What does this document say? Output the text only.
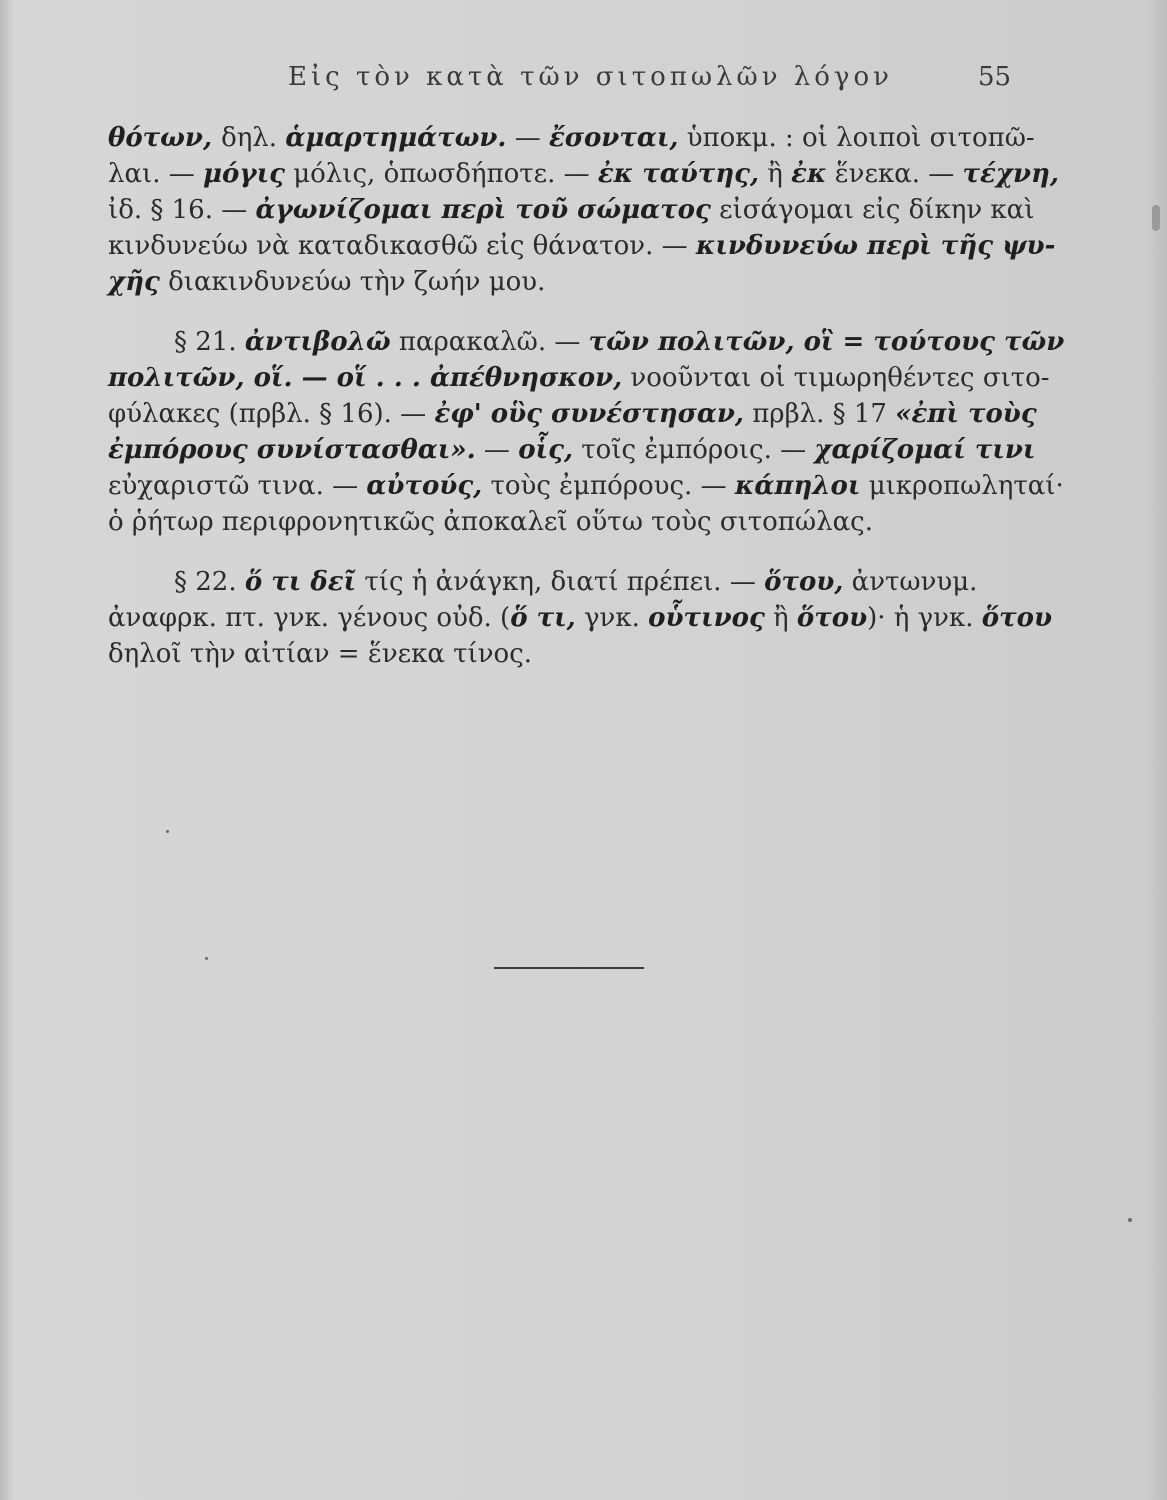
Εἰς τὸν κατὰ τῶν σιτοπωλῶν λόγον	55
θότων, δηλ. ἁμαρτημάτων. — ἔσονται, ὑποκμ. : οἱ λοιποὶ σιτοπῶ-
λαι. — μόγις μόλις, ὁπωσδήποτε. — ἐκ ταύτης, ἢ ἐκ ἕνεκα. — τέχνη,
ἰδ. § 16. — ἀγωνίζομαι περὶ τοῦ σώματος εἰσάγομαι εἰς δίκην καὶ
κινδυνεύω νὰ καταδικασθῶ εἰς θάνατον. — κινδυνεύω περὶ τῆς ψυ-
χῆς διακινδυνεύω τὴν ζωήν μου.
§ 21. ἀντιβολῶ παρακαλῶ. — τῶν πολιτῶν, οἳ = τούτους τῶν
πολιτῶν, οἵ. — οἵ . . . ἀπέθνησκον, νοοῦνται οἱ τιμωρηθέντες σιτο-
φύλακες (πρβλ. § 16). — ἐφ' οὓς συνέστησαν, πρβλ. § 17 «ἐπὶ τοὺς
ἐμπόρους συνίστασθαι». — οἷς, τοῖς ἐμπόροις. — χαρίζομαί τινι
εὐχαριστῶ τινα. — αὐτούς, τοὺς ἐμπόρους. — κάπηλοι μικροπωληταί·
ὁ ῥήτωρ περιφρονητικῶς ἀποκαλεῖ οὕτω τοὺς σιτοπώλας.
§ 22. ὅ τι δεῖ τίς ἡ ἀνάγκη, διατί πρέπει. — ὅτου, ἀντωνυμ.
ἀναφρκ. πτ. γνκ. γένους οὐδ. (ὅ τι, γνκ. οὗτινος ἢ ὅτου)· ἡ γνκ. ὅτου
δηλοῖ τὴν αἰτίαν = ἕνεκα τίνος.
